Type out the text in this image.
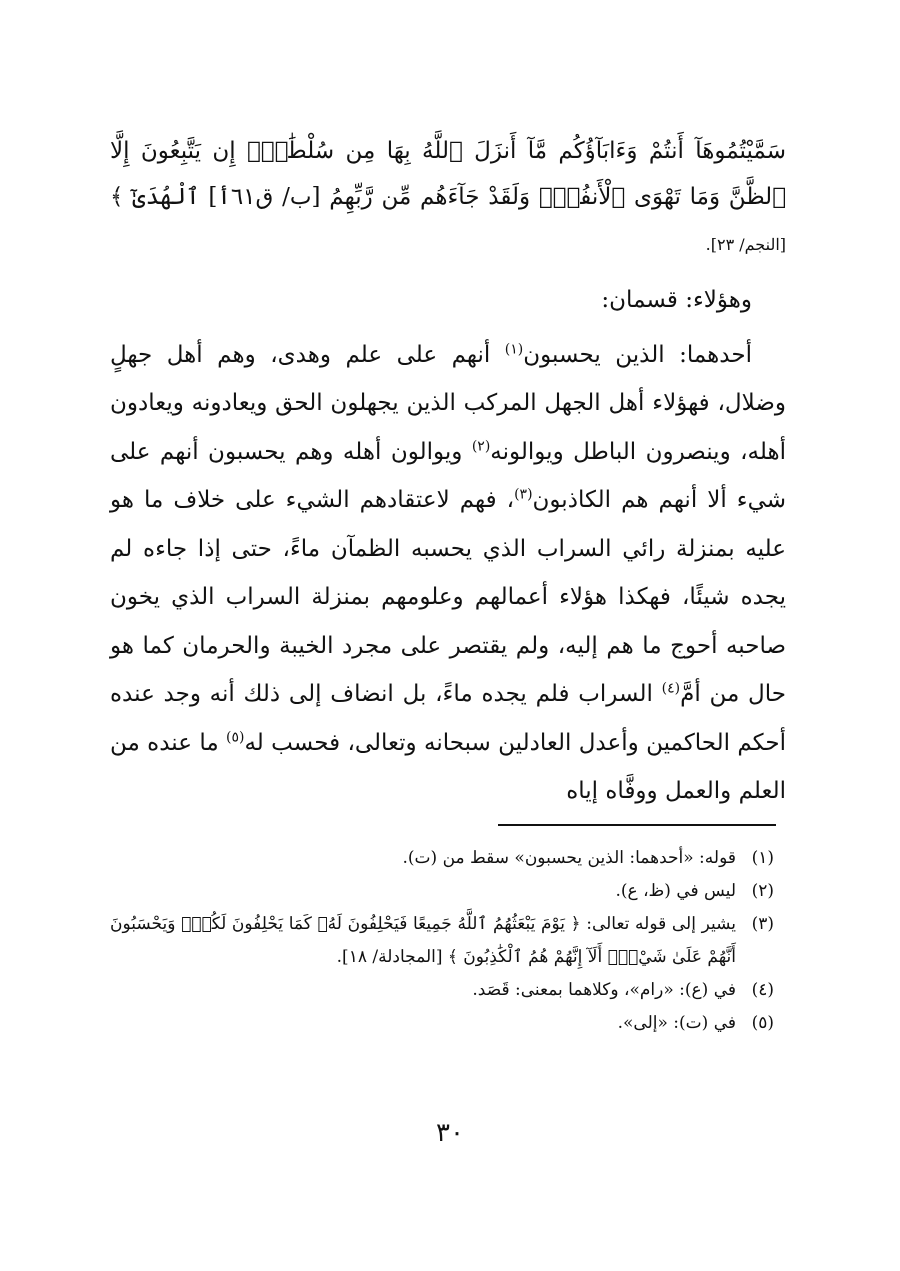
سَمَّيْتُمُوهَآ أَنتُمْ وَءَابَآؤُكُم مَّآ أَنزَلَ ٱللَّهُ بِهَا مِن سُلْطَٰنٍۚ إِن يَتَّبِعُونَ إِلَّا ٱلظَّنَّ وَمَا تَهْوَى ٱلْأَنفُسُۖ وَلَقَدْ جَآءَهُم مِّن رَّبِّهِمُ [ب/ ق٦١أ] ٱلْهُدَىٰٓ ﴾ [النجم/ ٢٣].

وهؤلاء: قسمان:

أحدهما: الذين يحسبون$^{(١)}$ أنهم على علم وهدى، وهم أهل جهلٍ وضلال، فهؤلاء أهل الجهل المركب الذين يجهلون الحق ويعادونه ويعادون أهله، وينصرون الباطل ويوالونه$^{(٢)}$ ويوالون أهله وهم يحسبون أنهم على شيء ألا أنهم هم الكاذبون$^{(٣)}$، فهم لاعتقادهم الشيء على خلاف ما هو عليه بمنزلة رائي السراب الذي يحسبه الظمآن ماءً، حتى إذا جاءه لم يجده شيئًا، فهكذا هؤلاء أعمالهم وعلومهم بمنزلة السراب الذي يخون صاحبه أحوج ما هم إليه، ولم يقتصر على مجرد الخيبة والحرمان كما هو حال من أمَّ$^{(٤)}$ السراب فلم يجده ماءً، بل انضاف إلى ذلك أنه وجد عنده أحكم الحاكمين وأعدل العادلين سبحانه وتعالى، فحسب له$^{(٥)}$ ما عنده من العلم والعمل ووفَّاه إياه

(١)
قوله: «أحدهما: الذين يحسبون» سقط من (ت).
(٢)
ليس في (ظ، ع).
(٣)
يشير إلى قوله تعالى: ﴿ يَوْمَ يَبْعَثُهُمُ ٱللَّهُ جَمِيعًا فَيَحْلِفُونَ لَهُۥ كَمَا يَحْلِفُونَ لَكُمْۖ وَيَحْسَبُونَ أَنَّهُمْ عَلَىٰ شَيْءٍۚ أَلَآ إِنَّهُمْ هُمُ ٱلْكَٰذِبُونَ ﴾ [المجادلة/ ١٨].
(٤)
في (ع): «رام»، وكلاهما بمعنى: قَصَد.
(٥)
في (ت): «إلى».
٣٠
